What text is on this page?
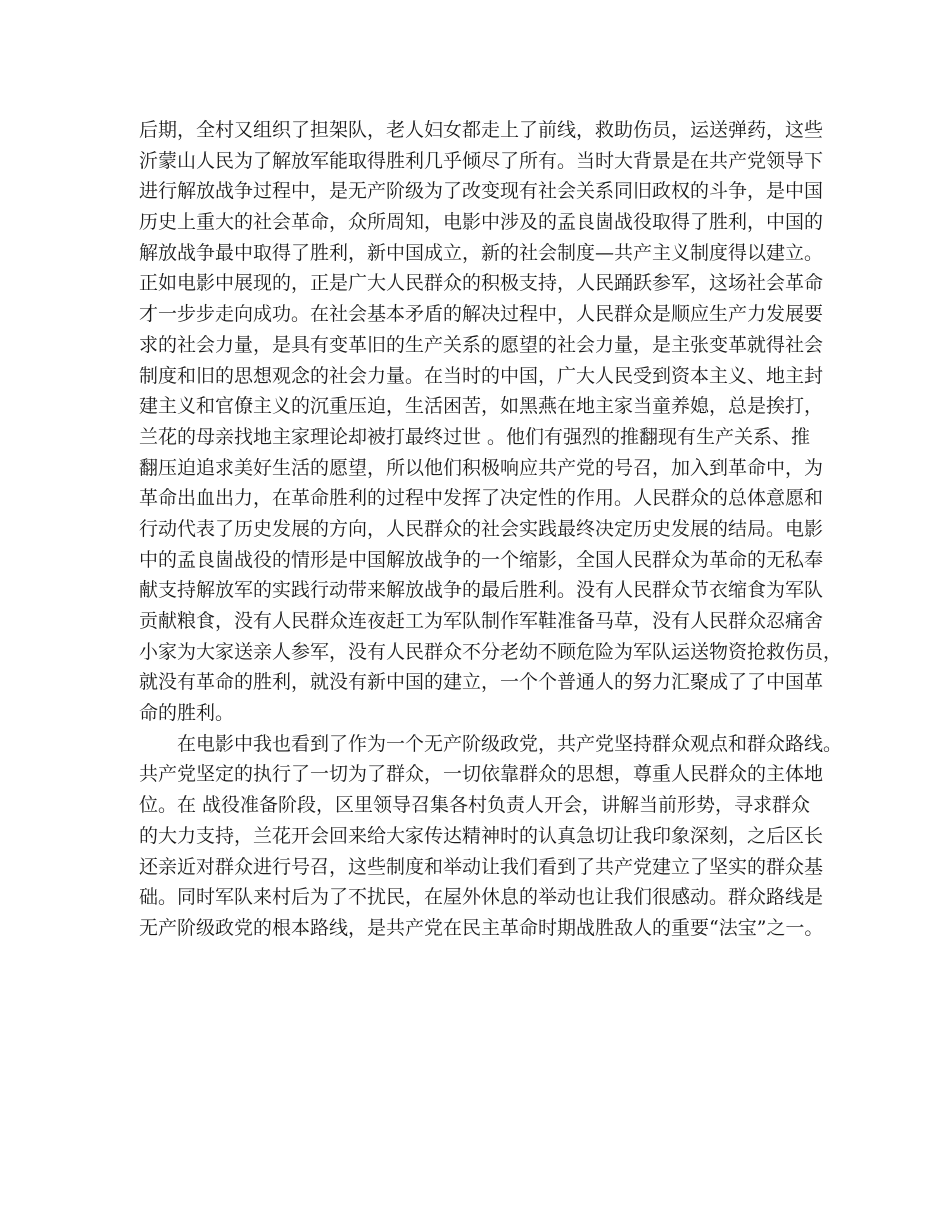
后期，全村又组织了担架队，老人妇女都走上了前线，救助伤员，运送弹药，这些
沂蒙山人民为了解放军能取得胜利几乎倾尽了所有。当时大背景是在共产党领导下
进行解放战争过程中，是无产阶级为了改变现有社会关系同旧政权的斗争，是中国
历史上重大的社会革命，众所周知，电影中涉及的孟良崮战役取得了胜利，中国的
解放战争最中取得了胜利，新中国成立，新的社会制度—共产主义制度得以建立。
正如电影中展现的，正是广大人民群众的积极支持，人民踊跃参军，这场社会革命
才一步步走向成功。在社会基本矛盾的解决过程中，人民群众是顺应生产力发展要
求的社会力量，是具有变革旧的生产关系的愿望的社会力量，是主张变革就得社会
制度和旧的思想观念的社会力量。在当时的中国，广大人民受到资本主义、地主封
建主义和官僚主义的沉重压迫，生活困苦，如黑燕在地主家当童养媳，总是挨打，
兰花的母亲找地主家理论却被打最终过世 。他们有强烈的推翻现有生产关系、推
翻压迫追求美好生活的愿望，所以他们积极响应共产党的号召，加入到革命中，为
革命出血出力，在革命胜利的过程中发挥了决定性的作用。人民群众的总体意愿和
行动代表了历史发展的方向，人民群众的社会实践最终决定历史发展的结局。电影
中的孟良崮战役的情形是中国解放战争的一个缩影，全国人民群众为革命的无私奉
献支持解放军的实践行动带来解放战争的最后胜利。没有人民群众节衣缩食为军队
贡献粮食，没有人民群众连夜赶工为军队制作军鞋准备马草，没有人民群众忍痛舍
小家为大家送亲人参军，没有人民群众不分老幼不顾危险为军队运送物资抢救伤员，
就没有革命的胜利，就没有新中国的建立，一个个普通人的努力汇聚成了了中国革
命的胜利。
　　在电影中我也看到了作为一个无产阶级政党，共产党坚持群众观点和群众路线。
共产党坚定的执行了一切为了群众，一切依靠群众的思想，尊重人民群众的主体地
位。在 战役准备阶段，区里领导召集各村负责人开会，讲解当前形势，寻求群众
的大力支持，兰花开会回来给大家传达精神时的认真急切让我印象深刻，之后区长
还亲近对群众进行号召，这些制度和举动让我们看到了共产党建立了坚实的群众基
础。同时军队来村后为了不扰民，在屋外休息的举动也让我们很感动。群众路线是
无产阶级政党的根本路线，是共产党在民主革命时期战胜敌人的重要“法宝”之一。
